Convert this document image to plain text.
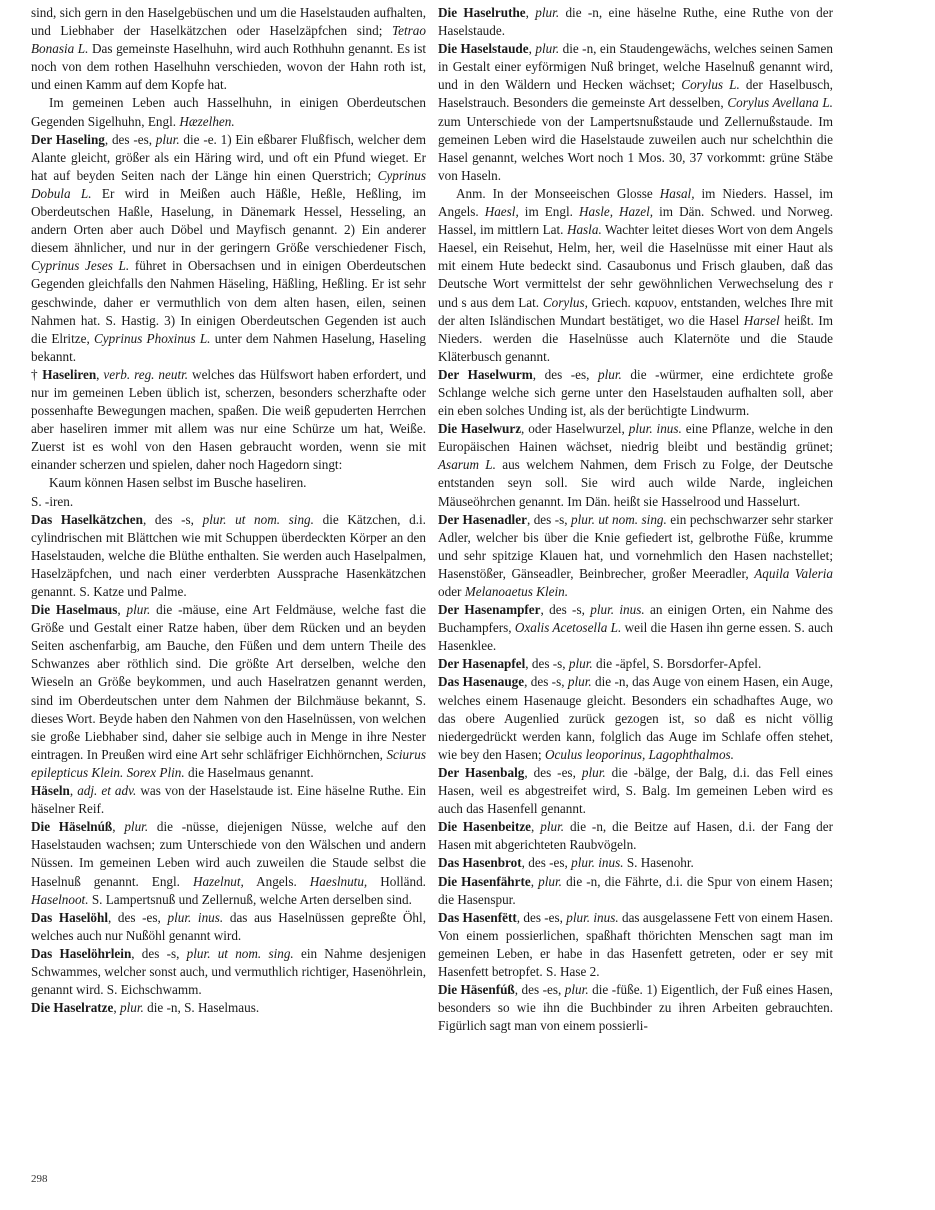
sind, sich gern in den Haselgebüschen und um die Haselstauden aufhalten, und Liebhaber der Haselkätzchen oder Haselzäpfchen sind; Tetrao Bonasia L. Das gemeinste Haselhuhn, wird auch Rothhuhn genannt. Es ist noch von dem rothen Haselhuhn verschieden, wovon der Hahn roth ist, und einen Kamm auf dem Kopfe hat.

Im gemeinen Leben auch Hasselhuhn, in einigen Oberdeutschen Gegenden Sigelhuhn, Engl. Hæzelhen.

Der Haseling, des -es, plur. die -e. 1) Ein eßbarer Flußfisch, welcher dem Alante gleicht, größer als ein Häring wird, und oft ein Pfund wieget. Er hat auf beyden Seiten nach der Länge hin einen Querstrich; Cyprinus Dobula L. Er wird in Meißen auch Häßle, Heßle, Heßling, im Oberdeutschen Haßle, Haselung, in Dänemark Hessel, Hesseling, an andern Orten aber auch Döbel und Mayfisch genannt. 2) Ein anderer diesem ähnlicher, und nur in der geringern Größe verschiedener Fisch, Cyprinus Jeses L. führet in Obersachsen und in einigen Oberdeutschen Gegenden gleichfalls den Nahmen Häseling, Häßling, Heßling. Er ist sehr geschwinde, daher er vermuthlich von dem alten hasen, eilen, seinen Nahmen hat. S. Hastig. 3) In einigen Oberdeutschen Gegenden ist auch die Elritze, Cyprinus Phoxinus L. unter dem Nahmen Haselung, Haseling bekannt.

† Haseliren, verb. reg. neutr. welches das Hülfswort haben erfordert, und nur im gemeinen Leben üblich ist, scherzen, besonders scherzhafte oder possenhafte Bewegungen machen, spaßen. Die weiß gepuderten Herrchen aber haseliren immer mit allem was nur eine Schürze um hat, Weiße. Zuerst ist es wohl von den Hasen gebraucht worden, wenn sie mit einander scherzen und spielen, daher noch Hagedorn singt:

Kaum können Hasen selbst im Busche haseliren.

S. -iren.

Das Haselkätzchen, des -s, plur. ut nom. sing. die Kätzchen, d.i. cylindrischen mit Blättchen wie mit Schuppen überdeckten Körper an den Haselstauden, welche die Blüthe enthalten. Sie werden auch Haselpalmen, Haselzäpfchen, und nach einer verderbten Aussprache Hasenkätzchen genannt. S. Katze und Palme.

Die Haselmaus, plur. die -mäuse, eine Art Feldmäuse, welche fast die Größe und Gestalt einer Ratze haben, über dem Rücken und an beyden Seiten aschenfarbig, am Bauche, den Füßen und dem untern Theile des Schwanzes aber röthlich sind. Die größte Art derselben, welche den Wieseln an Größe beykommen, und auch Haselratzen genannt werden, sind im Oberdeutschen unter dem Nahmen der Bilchmäuse bekannt, S. dieses Wort. Beyde haben den Nahmen von den Haselnüssen, von welchen sie große Liebhaber sind, daher sie selbige auch in Menge in ihre Nester eintragen. In Preußen wird eine Art sehr schläfriger Eichhörnchen, Sciurus epilepticus Klein. Sorex Plin. die Haselmaus genannt.

Häseln, adj. et adv. was von der Haselstaude ist. Eine häselne Ruthe. Ein häselner Reif.

Die Häselnúß, plur. die -nüsse, diejenigen Nüsse, welche auf den Haselstauden wachsen; zum Unterschiede von den Wälschen und andern Nüssen. Im gemeinen Leben wird auch zuweilen die Staude selbst die Haselnuß genannt. Engl. Hazelnut, Angels. Haeslnutu, Holländ. Haselnoot. S. Lampertsnuß und Zellernuß, welche Arten derselben sind.

Das Haselöhl, des -es, plur. inus. das aus Haselnüssen gepreßte Öhl, welches auch nur Nußöhl genannt wird.

Das Haselöhrlein, des -s, plur. ut nom. sing. ein Nahme desjenigen Schwammes, welcher sonst auch, und vermuthlich richtiger, Hasenöhrlein, genannt wird. S. Eichschwamm.

Die Haselratze, plur. die -n, S. Haselmaus.

Die Haselruthe, plur. die -n, eine häselne Ruthe, eine Ruthe von der Haselstaude.

Die Haselstaude, plur. die -n, ein Staudengewächs, welches seinen Samen in Gestalt einer eyförmigen Nuß bringet, welche Haselnuß genannt wird, und in den Wäldern und Hecken wächset; Corylus L. der Haselbusch, Haselstrauch. Besonders die gemeinste Art desselben, Corylus Avellana L. zum Unterschiede von der Lampertsnußstaude und Zellernußstaude. Im gemeinen Leben wird die Haselstaude zuweilen auch nur schelchthin die Hasel genannt, welches Wort noch 1 Mos. 30, 37 vorkommt: grüne Stäbe von Haseln.

Anm. In der Monseeischen Glosse Hasal, im Nieders. Hassel, im Angels. Haesl, im Engl. Hasle, Hazel, im Dän. Schwed. und Norweg. Hassel, im mittlern Lat. Hasla. Wachter leitet dieses Wort von dem Angels Haesel, ein Reisehut, Helm, her, weil die Haselnüsse mit einer Haut als mit einem Hute bedeckt sind. Casaubonus und Frisch glauben, daß das Deutsche Wort vermittelst der sehr gewöhnlichen Verwechselung des r und s aus dem Lat. Corylus, Griech. καρυον, entstanden, welches Ihre mit der alten Isländischen Mundart bestätiget, wo die Hasel Harsel heißt. Im Nieders. werden die Haselnüsse auch Klaternöte und die Staude Kläterbusch genannt.

Der Haselwurm, des -es, plur. die -würmer, eine erdichtete große Schlange welche sich gerne unter den Haselstauden aufhalten soll, aber ein eben solches Unding ist, als der berüchtigte Lindwurm.

Die Haselwurz, oder Haselwurzel, plur. inus. eine Pflanze, welche in den Europäischen Hainen wächset, niedrig bleibt und beständig grünet; Asarum L. aus welchem Nahmen, dem Frisch zu Folge, der Deutsche entstanden seyn soll. Sie wird auch wilde Narde, ingleichen Mäuseöhrchen genannt. Im Dän. heißt sie Hasselrood und Hasselurt.

Der Hasenadler, des -s, plur. ut nom. sing. ein pechschwarzer sehr starker Adler, welcher bis über die Knie gefiedert ist, gelbrothe Füße, krumme und sehr spitzige Klauen hat, und vornehmlich den Hasen nachstellet; Hasenstößer, Gänseadler, Beinbrecher, großer Meeradler, Aquila Valeria oder Melanoaetus Klein.

Der Hasenampfer, des -s, plur. inus. an einigen Orten, ein Nahme des Buchampfers, Oxalis Acetosella L. weil die Hasen ihn gerne essen. S. auch Hasenklee.

Der Hasenapfel, des -s, plur. die -äpfel, S. Borsdorfer-Apfel.

Das Hasenauge, des -s, plur. die -n, das Auge von einem Hasen, ein Auge, welches einem Hasenauge gleicht. Besonders ein schadhaftes Auge, wo das obere Augenlied zurück gezogen ist, so daß es nicht völlig niedergedrückt werden kann, folglich das Auge im Schlafe offen stehet, wie bey den Hasen; Oculus leoporinus, Lagophthalmos.

Der Hasenbalg, des -es, plur. die -bälge, der Balg, d.i. das Fell eines Hasen, weil es abgestreifet wird, S. Balg. Im gemeinen Leben wird es auch das Hasenfell genannt.

Die Hasenbeitze, plur. die -n, die Beitze auf Hasen, d.i. der Fang der Hasen mit abgerichteten Raubvögeln.

Das Hasenbrot, des -es, plur. inus. S. Hasenohr.

Die Hasenfährte, plur. die -n, die Fährte, d.i. die Spur von einem Hasen; die Hasenspur.

Das Hasenfëtt, des -es, plur. inus. das ausgelassene Fett von einem Hasen. Von einem possierlichen, spaßhaft thörichten Menschen sagt man im gemeinen Leben, er habe in das Hasenfett getreten, oder er sey mit Hasenfett betropfet. S. Hase 2.

Die Häsenfúß, des -es, plur. die -füße. 1) Eigentlich, der Fuß eines Hasen, besonders so wie ihn die Buchbinder zu ihren Arbeiten gebrauchten. Figürlich sagt man von einem possierli-

298
